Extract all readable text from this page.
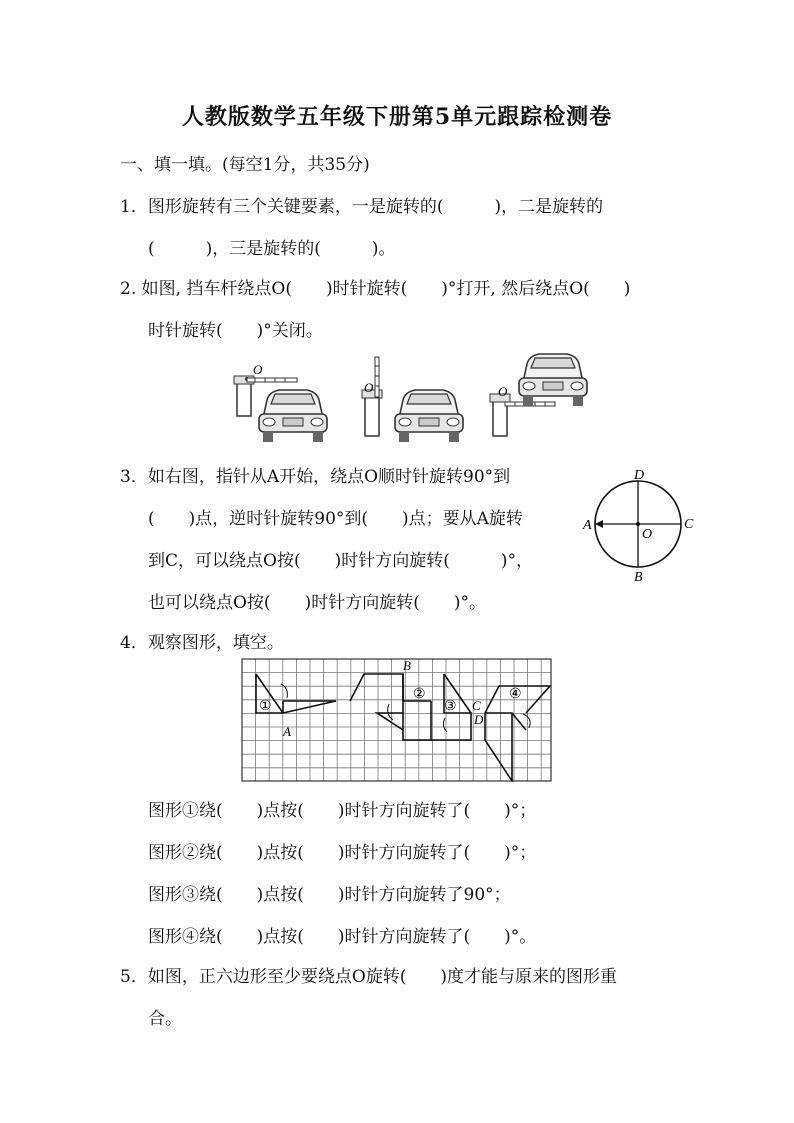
人教版数学五年级下册第5单元跟踪检测卷
一、填一填。(每空1分，共35分)
1．图形旋转有三个关键要素，一是旋转的(　　　)，二是旋转的
(　　　)，三是旋转的(　　　)。
2. 如图, 挡车杆绕点O(　　)时针旋转(　　)°打开, 然后绕点O(　　)
时针旋转(　　)°关闭。
O
O	O
3．如右图，指针从A开始，绕点O顺时针旋转90°到
(　　)点，逆时针旋转90°到(　　)点；要从A旋转
到C，可以绕点O按(　　)时针方向旋转(　　　)°，
也可以绕点O按(　　)时针方向旋转(　　)°。
D
A	C
O
B
4．观察图形，填空。
①
②
③
④
A
B
C
D
图形①绕(　　)点按(　　)时针方向旋转了(　　)°；
图形②绕(　　)点按(　　)时针方向旋转了(　　)°；
图形③绕(　　)点按(　　)时针方向旋转了90°；
图形④绕(　　)点按(　　)时针方向旋转了(　　)°。
5．如图，正六边形至少要绕点O旋转(　　)度才能与原来的图形重
合。
